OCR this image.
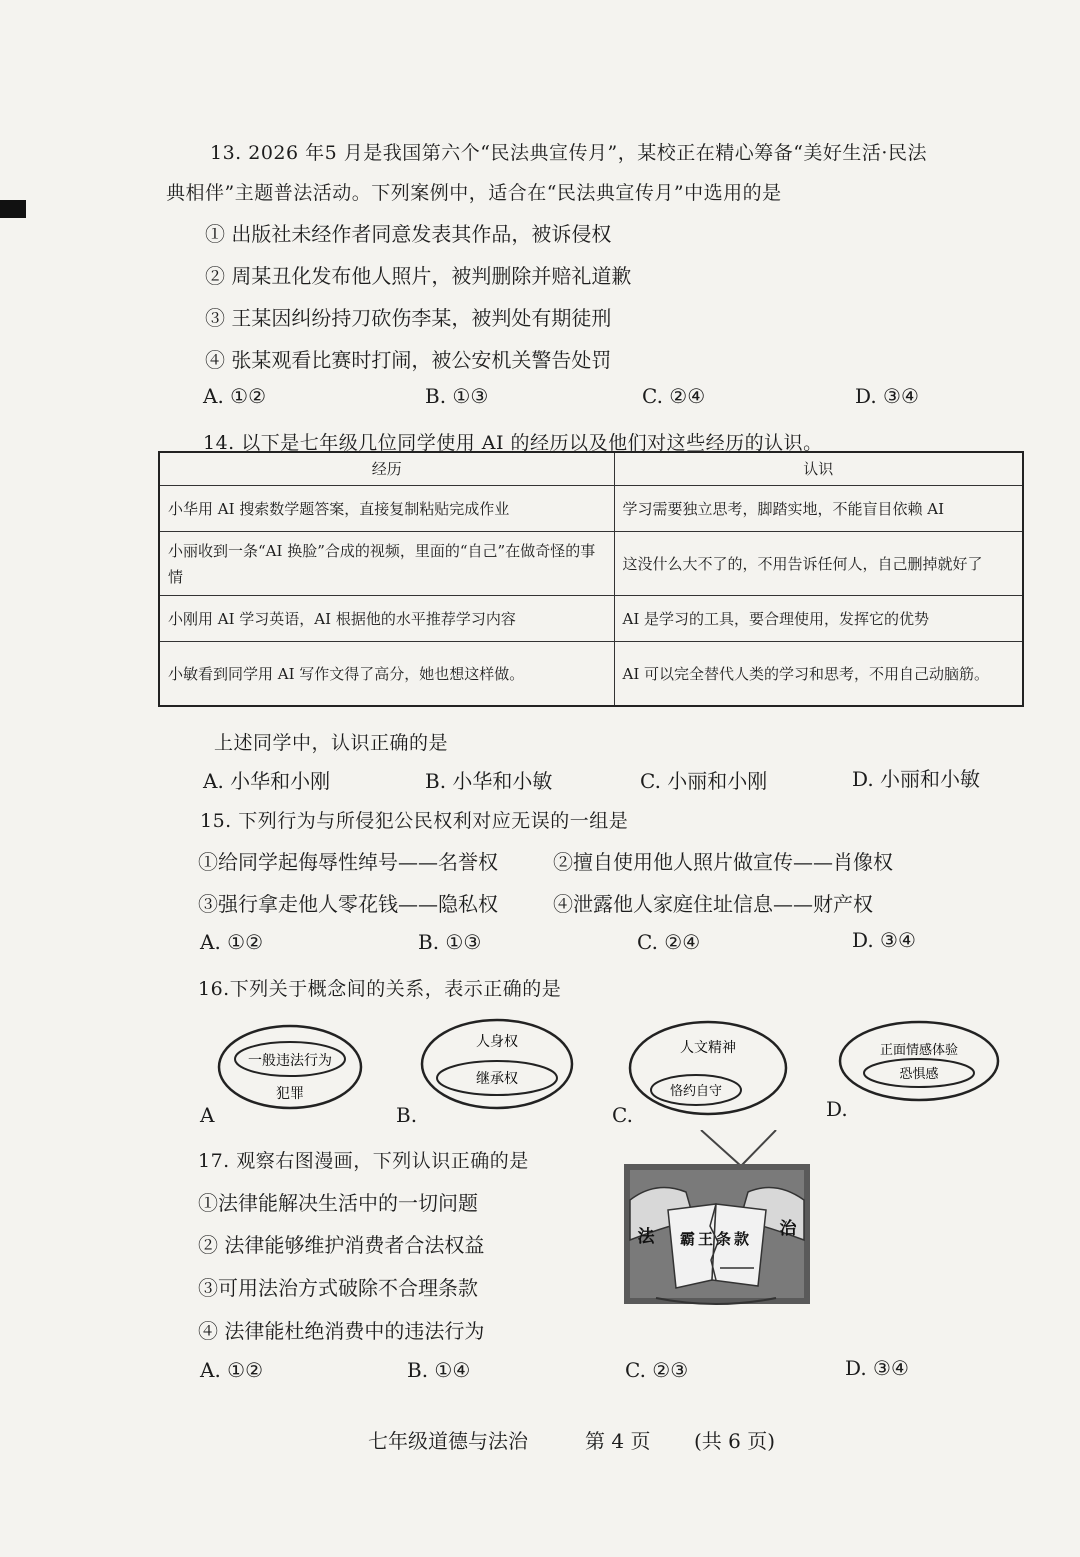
13. 2026 年5 月是我国第六个“民法典宣传月”，某校正在精心筹备“美好生活·民法
典相伴”主题普法活动。下列案例中，适合在“民法典宣传月”中选用的是
① 出版社未经作者同意发表其作品，被诉侵权
② 周某丑化发布他人照片，被判删除并赔礼道歉
③ 王某因纠纷持刀砍伤李某，被判处有期徒刑
④ 张某观看比赛时打闹，被公安机关警告处罚
A. ①②	B. ①③	C. ②④	D. ③④
14. 以下是七年级几位同学使用 AI 的经历以及他们对这些经历的认识。
经历	认识
小华用 AI 搜索数学题答案，直接复制粘贴完成作业	学习需要独立思考，脚踏实地，不能盲目依赖 AI
小丽收到一条“AI 换脸”合成的视频，里面的“自己”在做奇怪的事情	这没什么大不了的，不用告诉任何人，自己删掉就好了
小刚用 AI 学习英语，AI 根据他的水平推荐学习内容	AI 是学习的工具，要合理使用，发挥它的优势
小敏看到同学用 AI 写作文得了高分，她也想这样做。	AI 可以完全替代人类的学习和思考，不用自己动脑筋。
上述同学中，认识正确的是
A. 小华和小刚	B. 小华和小敏	C. 小丽和小刚	D. 小丽和小敏
15. 下列行为与所侵犯公民权利对应无误的一组是
①给同学起侮辱性绰号——名誉权	②擅自使用他人照片做宣传——肖像权
③强行拿走他人零花钱——隐私权	④泄露他人家庭住址信息——财产权
A. ①②	B. ①③	C. ②④	D. ③④
16.下列关于概念间的关系，表示正确的是
一般违法行为
犯罪
A
人身权
继承权
B.
人文精神
恪约自守
C.
正面情感体验
恐惧感
D.
17. 观察右图漫画，下列认识正确的是
①法律能解决生活中的一切问题
② 法律能够维护消费者合法权益
③可用法治方式破除不合理条款
④ 法律能杜绝消费中的违法行为
A. ①②	B. ①④	C. ②③	D. ③④
法	治
霸王条款
七年级道德与法治	第 4 页 (共 6 页)
